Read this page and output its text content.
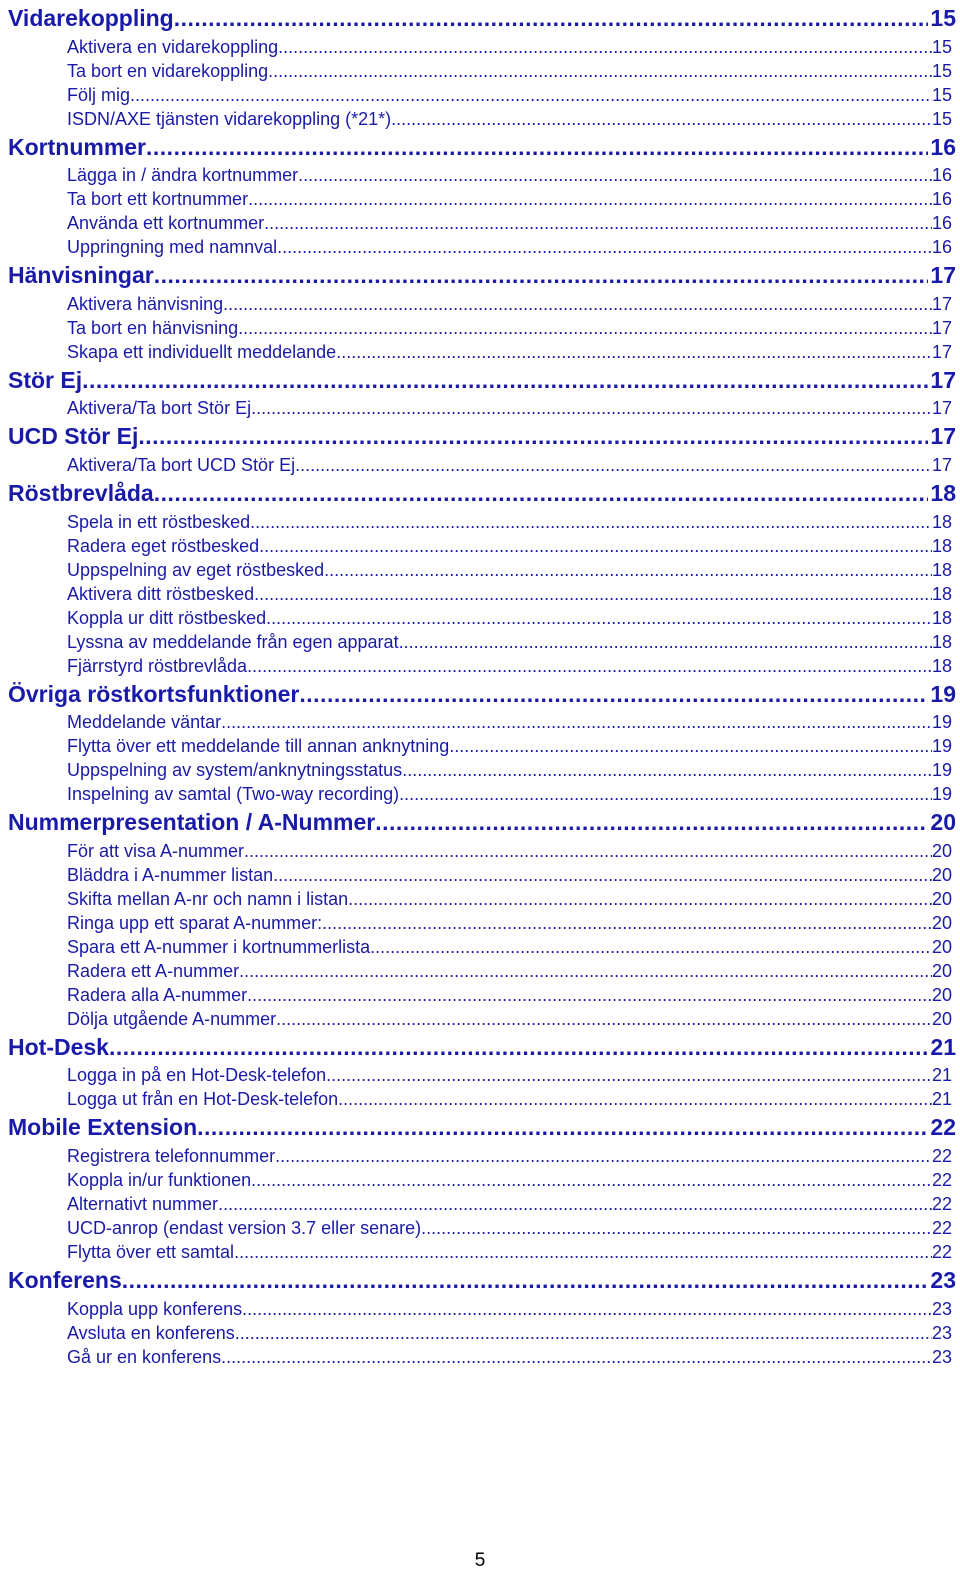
Vidarekoppling .....	15
Aktivera en vidarekoppling .....	15
Ta bort en vidarekoppling .....	15
Följ mig .....	15
ISDN/AXE tjänsten vidarekoppling (*21*) .....	15
Kortnummer .....	16
Lägga in / ändra kortnummer .....	16
Ta bort ett kortnummer .....	16
Använda ett kortnummer .....	16
Uppringning med namnval .....	16
Hänvisningar .....	17
Aktivera hänvisning .....	17
Ta bort en hänvisning .....	17
Skapa ett individuellt meddelande .....	17
Stör Ej .....	17
Aktivera/Ta bort Stör Ej .....	17
UCD Stör Ej .....	17
Aktivera/Ta bort UCD Stör Ej .....	17
Röstbrevlåda .....	18
Spela in ett röstbesked .....	18
Radera eget röstbesked .....	18
Uppspelning av eget röstbesked .....	18
Aktivera ditt röstbesked .....	18
Koppla ur ditt röstbesked .....	18
Lyssna av meddelande från egen apparat .....	18
Fjärrstyrd röstbrevlåda .....	18
Övriga röstkortsfunktioner .....	19
Meddelande väntar .....	19
Flytta över ett meddelande till annan anknytning .....	19
Uppspelning av system/anknytningsstatus .....	19
Inspelning av samtal (Two-way recording) .....	19
Nummerpresentation / A-Nummer .....	20
För att visa A-nummer .....	20
Bläddra i A-nummer listan .....	20
Skifta mellan A-nr och namn i listan .....	20
Ringa upp ett sparat A-nummer: .....	20
Spara ett A-nummer i kortnummerlista .....	20
Radera ett A-nummer .....	20
Radera alla A-nummer .....	20
Dölja utgående A-nummer .....	20
Hot-Desk .....	21
Logga in på en Hot-Desk-telefon .....	21
Logga ut från en Hot-Desk-telefon .....	21
Mobile Extension .....	22
Registrera telefonnummer .....	22
Koppla in/ur funktionen .....	22
Alternativt nummer .....	22
UCD-anrop (endast version 3.7 eller senare) .....	22
Flytta över ett samtal .....	22
Konferens .....	23
Koppla upp konferens .....	23
Avsluta en konferens .....	23
Gå ur en konferens .....	23
5
